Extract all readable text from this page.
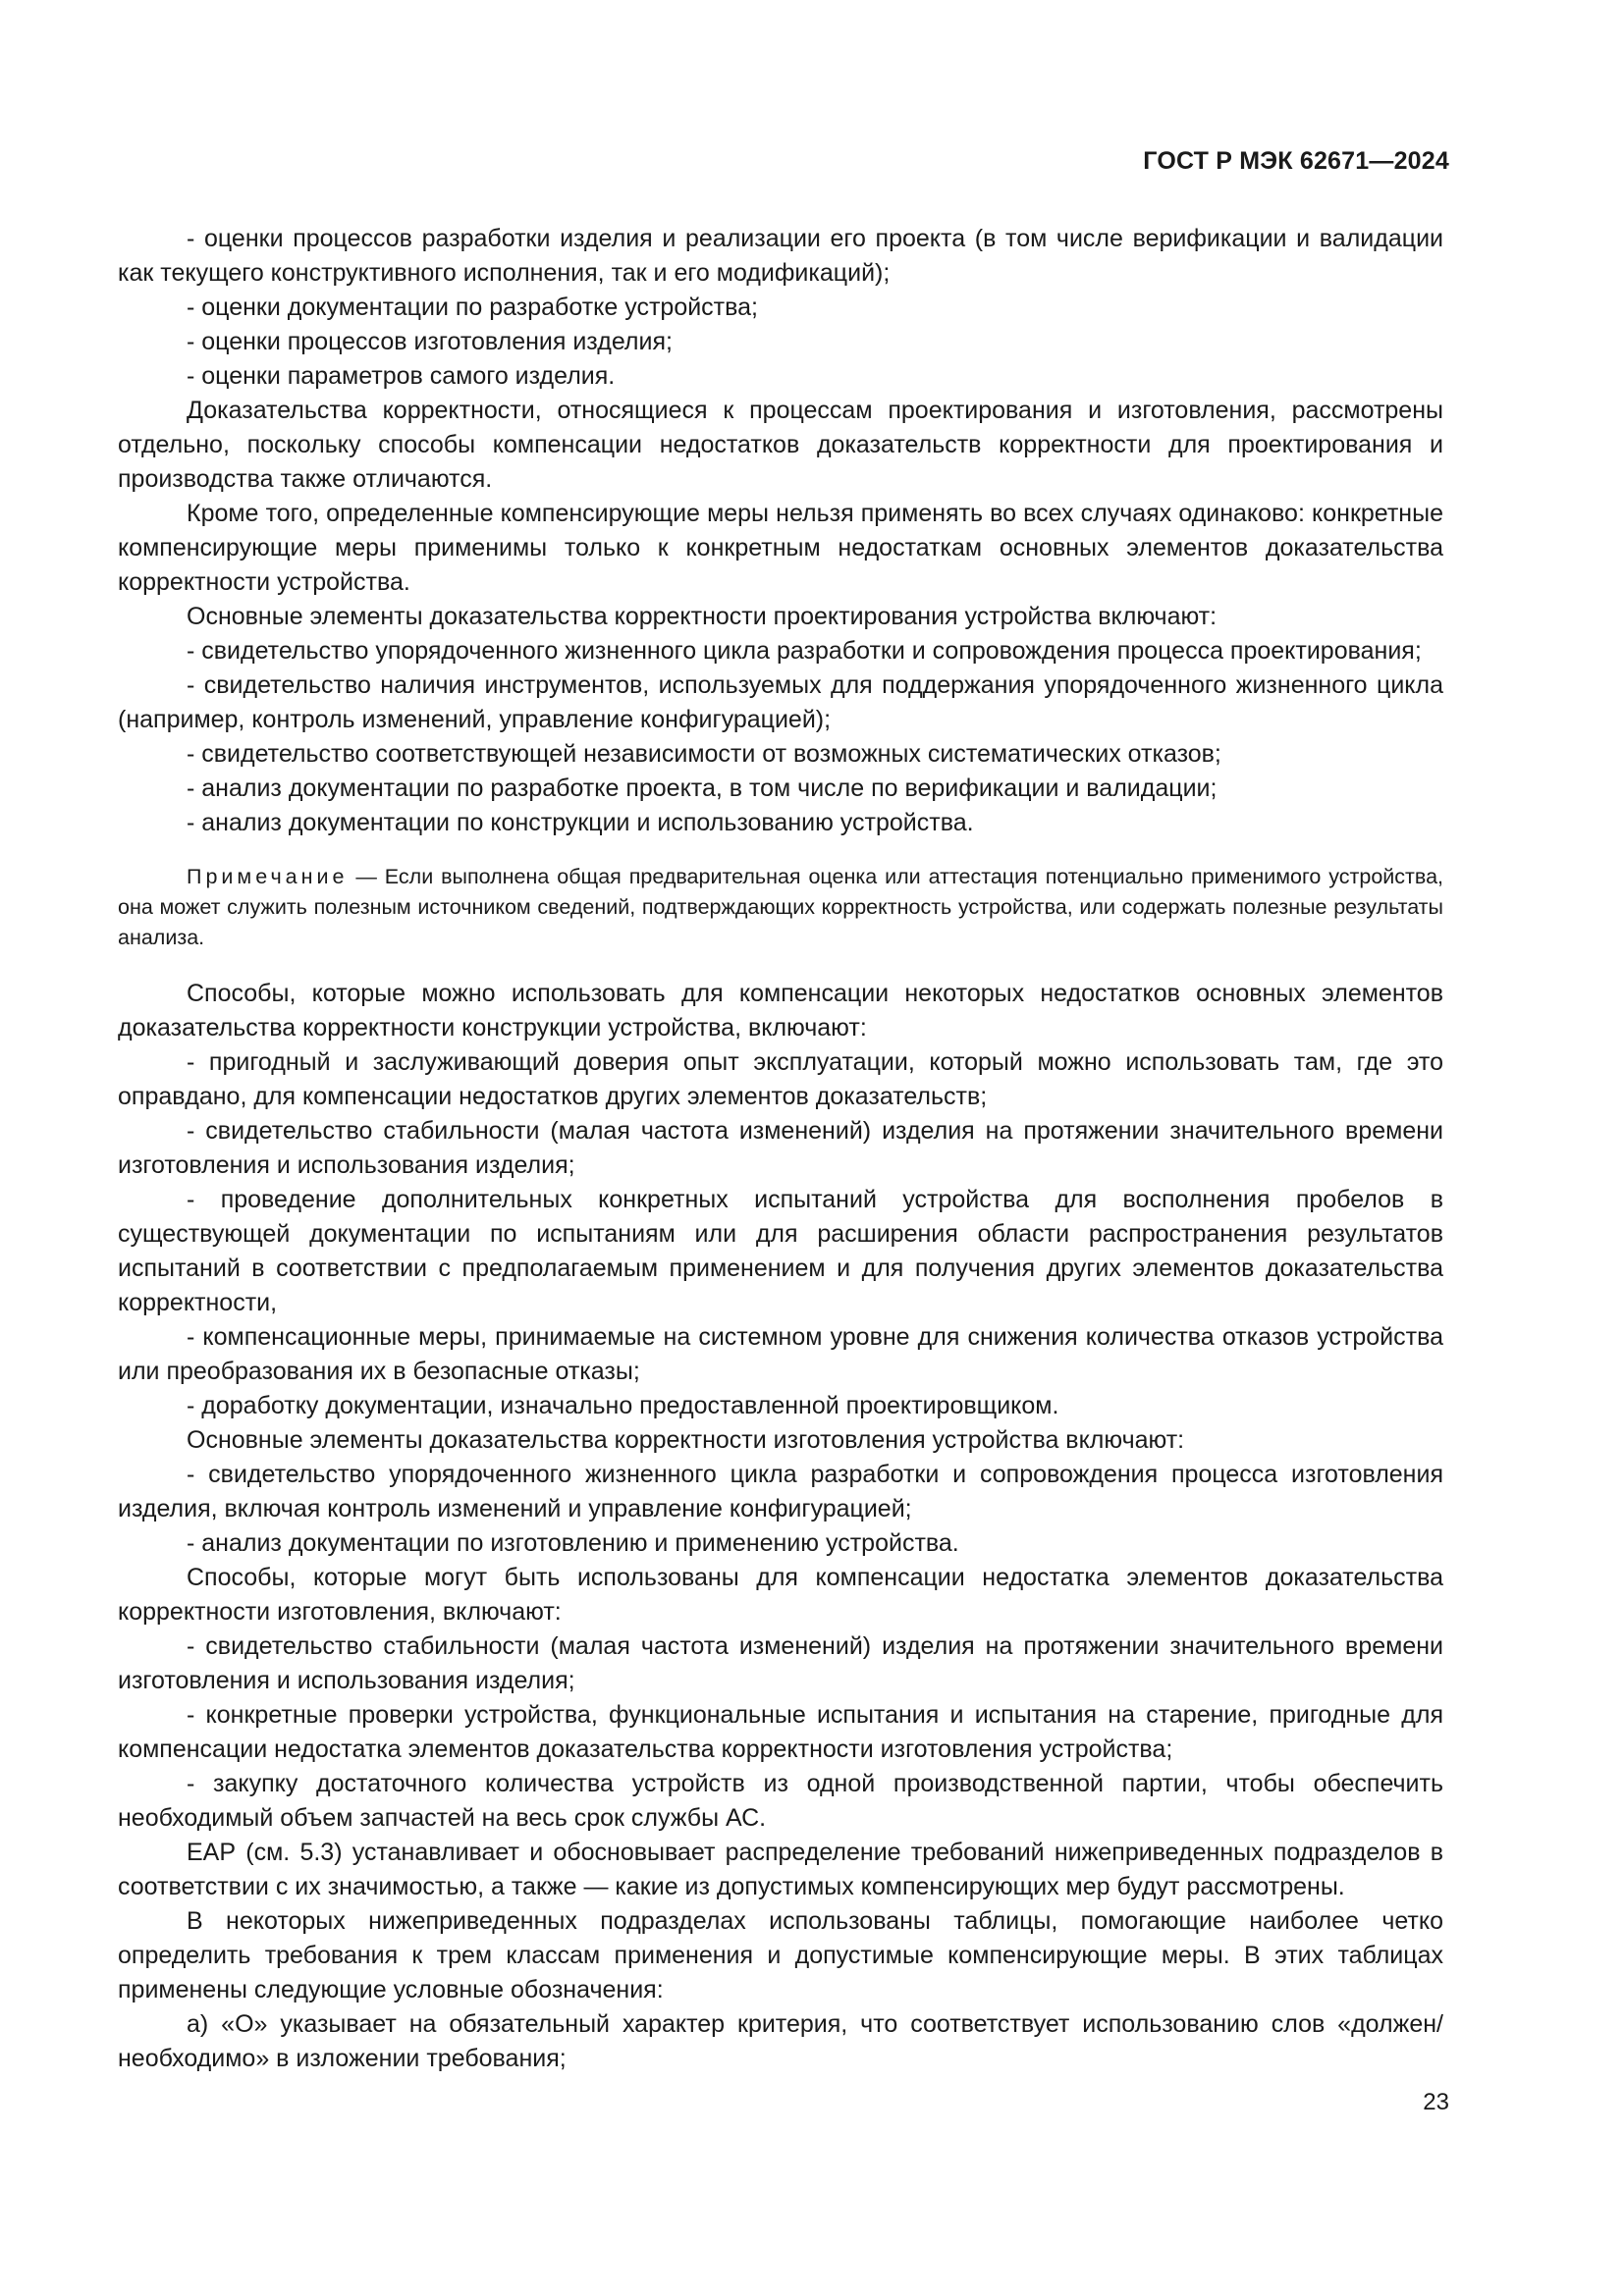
ГОСТ Р МЭК 62671—2024

- оценки процессов разработки изделия и реализации его проекта (в том числе верификации и валидации как текущего конструктивного исполнения, так и его модификаций);

- оценки документации по разработке устройства;

- оценки процессов изготовления изделия;

- оценки параметров самого изделия.

Доказательства корректности, относящиеся к процессам проектирования и изготовления, рассмотрены отдельно, поскольку способы компенсации недостатков доказательств корректности для проектирования и производства также отличаются.

Кроме того, определенные компенсирующие меры нельзя применять во всех случаях одинаково: конкретные компенсирующие меры применимы только к конкретным недостаткам основных элементов доказательства корректности устройства.

Основные элементы доказательства корректности проектирования устройства включают:

- свидетельство упорядоченного жизненного цикла разработки и сопровождения процесса проектирования;

- свидетельство наличия инструментов, используемых для поддержания упорядоченного жизненного цикла (например, контроль изменений, управление конфигурацией);

- свидетельство соответствующей независимости от возможных систематических отказов;

- анализ документации по разработке проекта, в том числе по верификации и валидации;

- анализ документации по конструкции и использованию устройства.

Примечание — Если выполнена общая предварительная оценка или аттестация потенциально применимого устройства, она может служить полезным источником сведений, подтверждающих корректность устройства, или содержать полезные результаты анализа.

Способы, которые можно использовать для компенсации некоторых недостатков основных элементов доказательства корректности конструкции устройства, включают:

- пригодный и заслуживающий доверия опыт эксплуатации, который можно использовать там, где это оправдано, для компенсации недостатков других элементов доказательств;

- свидетельство стабильности (малая частота изменений) изделия на протяжении значительного времени изготовления и использования изделия;

- проведение дополнительных конкретных испытаний устройства для восполнения пробелов в существующей документации по испытаниям или для расширения области распространения результатов испытаний в соответствии с предполагаемым применением и для получения других элементов доказательства корректности,

- компенсационные меры, принимаемые на системном уровне для снижения количества отказов устройства или преобразования их в безопасные отказы;

- доработку документации, изначально предоставленной проектировщиком.

Основные элементы доказательства корректности изготовления устройства включают:

- свидетельство упорядоченного жизненного цикла разработки и сопровождения процесса изготовления изделия, включая контроль изменений и управление конфигурацией;

- анализ документации по изготовлению и применению устройства.

Способы, которые могут быть использованы для компенсации недостатка элементов доказательства корректности изготовления, включают:

- свидетельство стабильности (малая частота изменений) изделия на протяжении значительного времени изготовления и использования изделия;

- конкретные проверки устройства, функциональные испытания и испытания на старение, пригодные для компенсации недостатка элементов доказательства корректности изготовления устройства;

- закупку достаточного количества устройств из одной производственной партии, чтобы обеспечить необходимый объем запчастей на весь срок службы АС.

ЕАР (см. 5.3) устанавливает и обосновывает распределение требований нижеприведенных подразделов в соответствии с их значимостью, а также — какие из допустимых компенсирующих мер будут рассмотрены.

В некоторых нижеприведенных подразделах использованы таблицы, помогающие наиболее четко определить требования к трем классам применения и допустимые компенсирующие меры. В этих таблицах применены следующие условные обозначения:

а) «О» указывает на обязательный характер критерия, что соответствует использованию слов «должен/необходимо» в изложении требования;

23
